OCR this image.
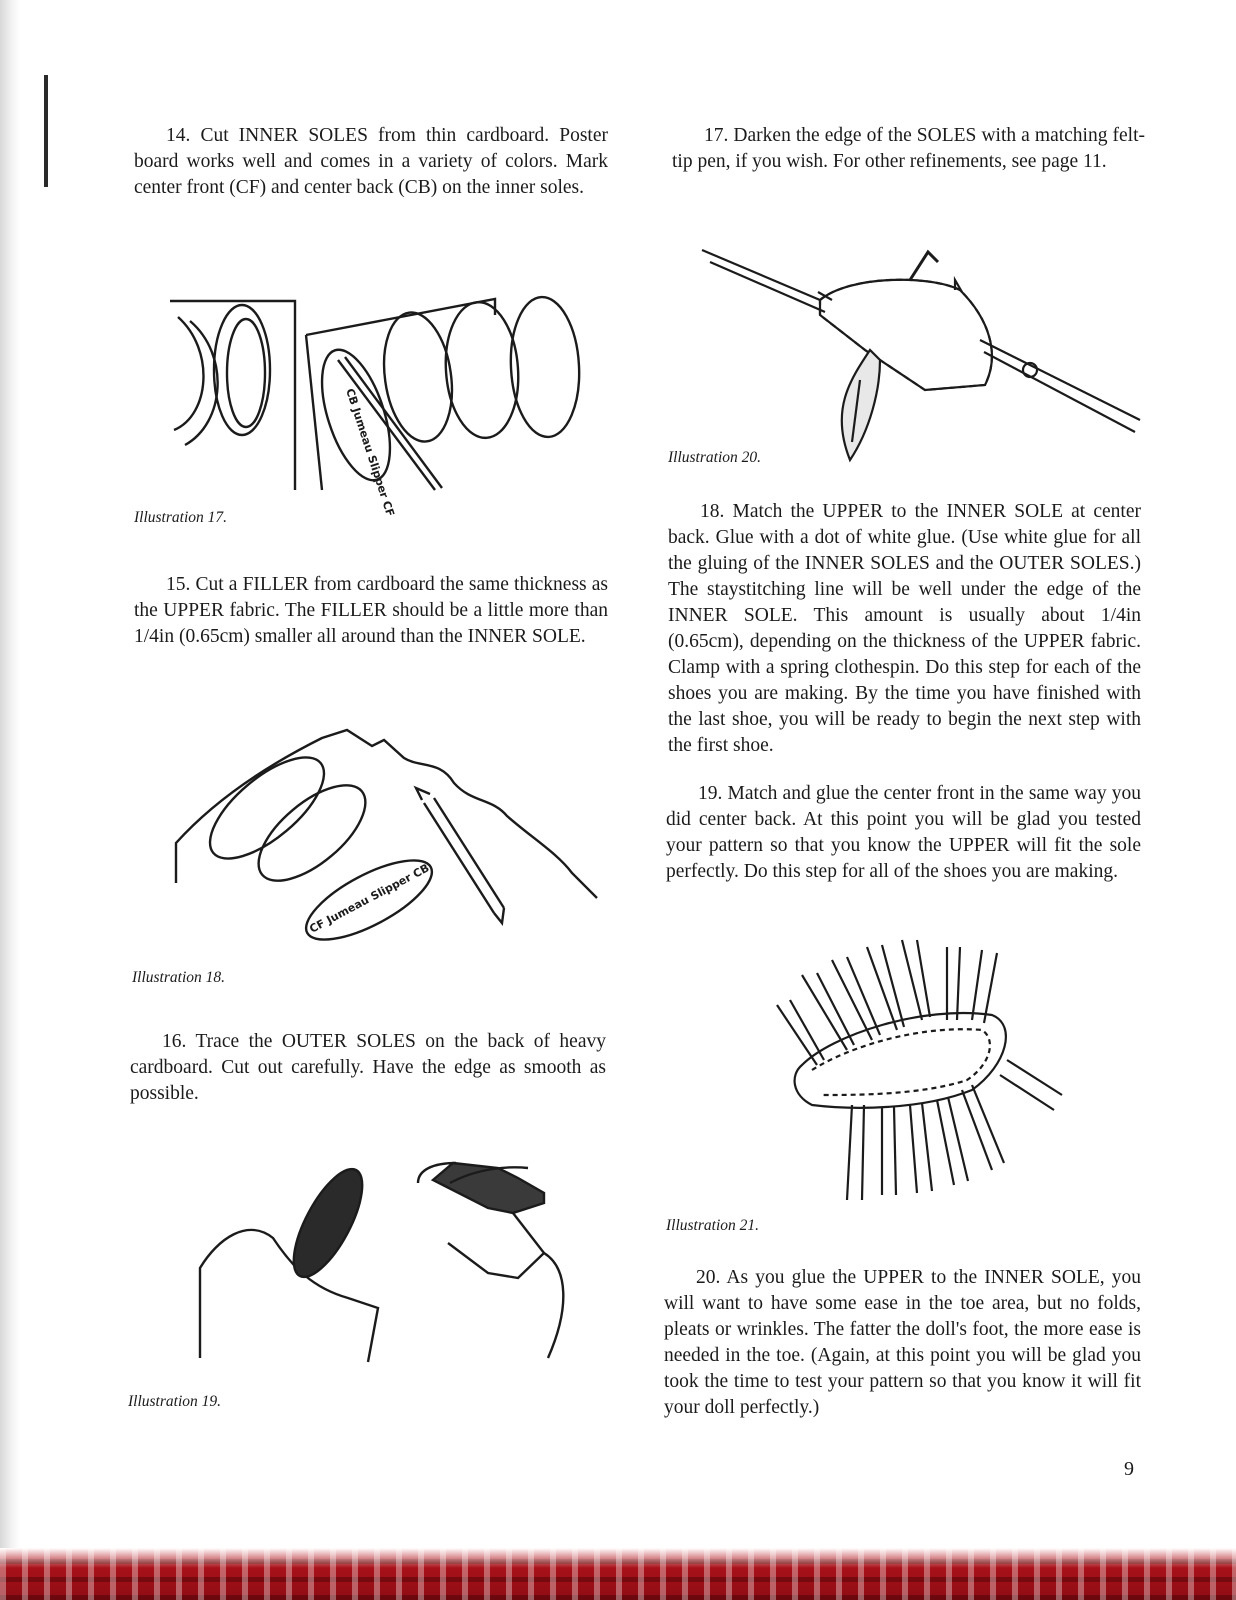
14. Cut INNER SOLES from thin cardboard. Poster board works well and comes in a variety of colors. Mark center front (CF) and center back (CB) on the inner soles.

CB Jumeau Slipper CF

Illustration 17.

15. Cut a FILLER from cardboard the same thickness as the UPPER fabric. The FILLER should be a little more than 1/4in (0.65cm) smaller all around than the INNER SOLE.

CF Jumeau Slipper CB

Illustration 18.

16. Trace the OUTER SOLES on the back of heavy cardboard. Cut out carefully. Have the edge as smooth as possible.

Illustration 19.

17. Darken the edge of the SOLES with a matching felt-tip pen, if you wish. For other refinements, see page 11.

Illustration 20.

18. Match the UPPER to the INNER SOLE at center back. Glue with a dot of white glue. (Use white glue for all the gluing of the INNER SOLES and the OUTER SOLES.) The staystitching line will be well under the edge of the INNER SOLE. This amount is usually about 1/4in (0.65cm), depending on the thickness of the UPPER fabric. Clamp with a spring clothespin. Do this step for each of the shoes you are making. By the time you have finished with the last shoe, you will be ready to begin the next step with the first shoe.

19. Match and glue the center front in the same way you did center back. At this point you will be glad you tested your pattern so that you know the UPPER will fit the sole perfectly. Do this step for all of the shoes you are making.

Illustration 21.

20. As you glue the UPPER to the INNER SOLE, you will want to have some ease in the toe area, but no folds, pleats or wrinkles. The fatter the doll's foot, the more ease is needed in the toe. (Again, at this point you will be glad you took the time to test your pattern so that you know it will fit your doll perfectly.)

9
